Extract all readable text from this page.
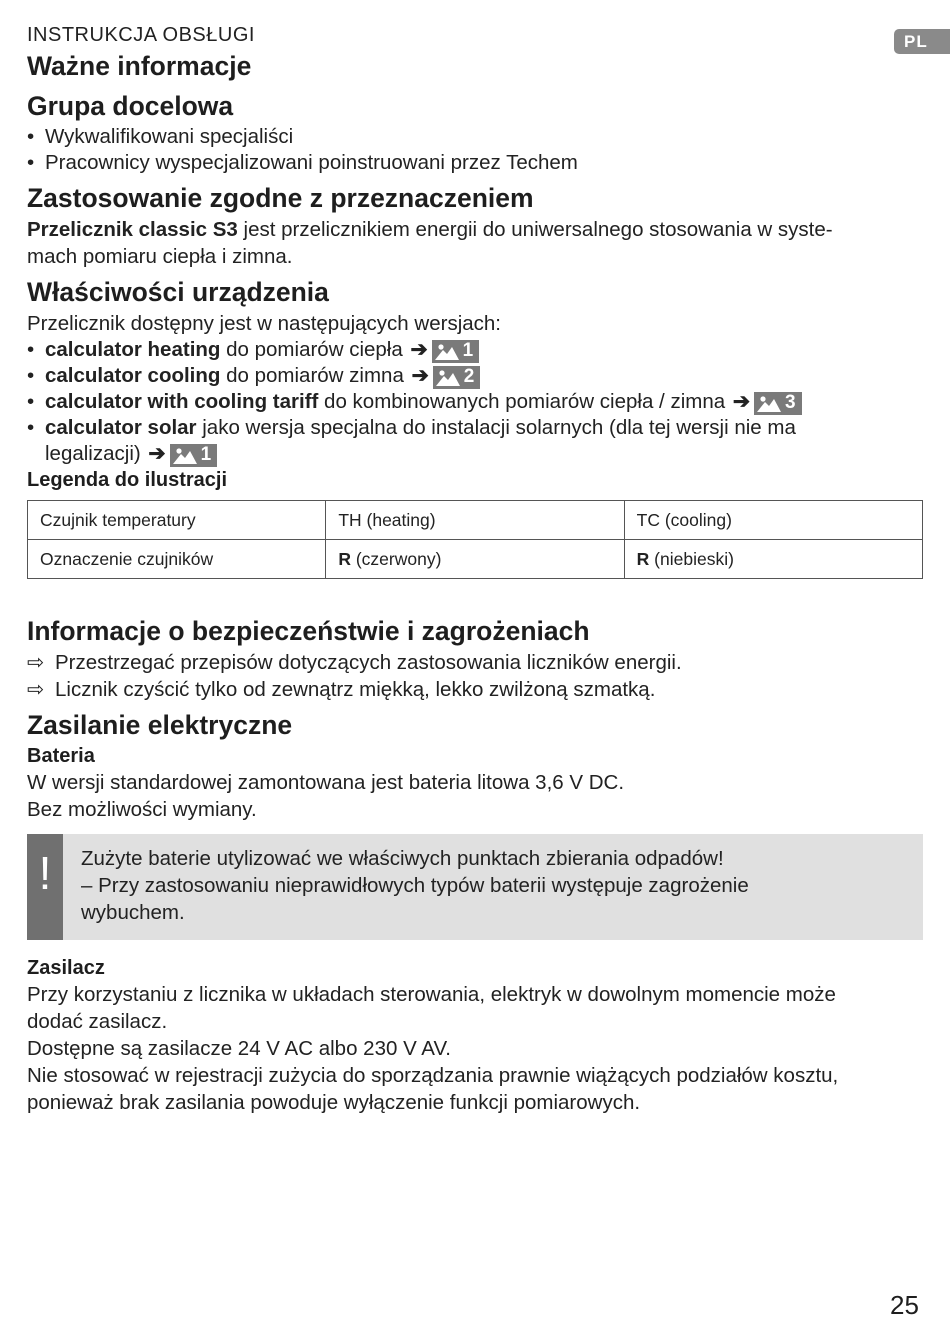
PL

INSTRUKCJA OBSŁUGI

Ważne informacje
Grupa docelowa
• Wykwalifikowani specjaliści
• Pracownicy wyspecjalizowani poinstruowani przez Techem
Zastosowanie zgodne z przeznaczeniem

Przelicznik classic S3 jest przelicznikiem energii do uniwersalnego stosowania w syste-
mach pomiaru ciepła i zimna.

Właściwości urządzenia

Przelicznik dostępny jest w następujących wersjach:

• calculator heating do pomiarów ciepła ➔ 1
• calculator cooling do pomiarów zimna ➔ 2
• calculator with cooling tariff do kombinowanych pomiarów ciepła / zimna ➔ 3
• calculator solar jako wersja specjalna do instalacji solarnych (dla tej wersji nie ma
legalizacji) ➔ 1
Legenda do ilustracji
Czujnik temperatury	TH (heating)	TC (cooling)
Oznaczenie czujników	R (czerwony)	R (niebieski)
Informacje o bezpieczeństwie i zagrożeniach
⇨ Przestrzegać przepisów dotyczących zastosowania liczników energii.
⇨ Licznik czyścić tylko od zewnątrz miękką, lekko zwilżoną szmatką.
Zasilanie elektryczne
Bateria

W wersji standardowej zamontowana jest bateria litowa 3,6 V DC.
Bez możliwości wymiany.

!	Zużyte baterie utylizować we właściwych punktach zbierania odpadów!

– Przy zastosowaniu nieprawidłowych typów baterii występuje zagrożenie

wybuchem.

Zasilacz

Przy korzystaniu z licznika w układach sterowania, elektryk w dowolnym momencie może
dodać zasilacz.
Dostępne są zasilacze 24 V AC albo 230 V AV.
Nie stosować w rejestracji zużycia do sporządzania prawnie wiążących podziałów kosztu,
ponieważ brak zasilania powoduje wyłączenie funkcji pomiarowych.

25
